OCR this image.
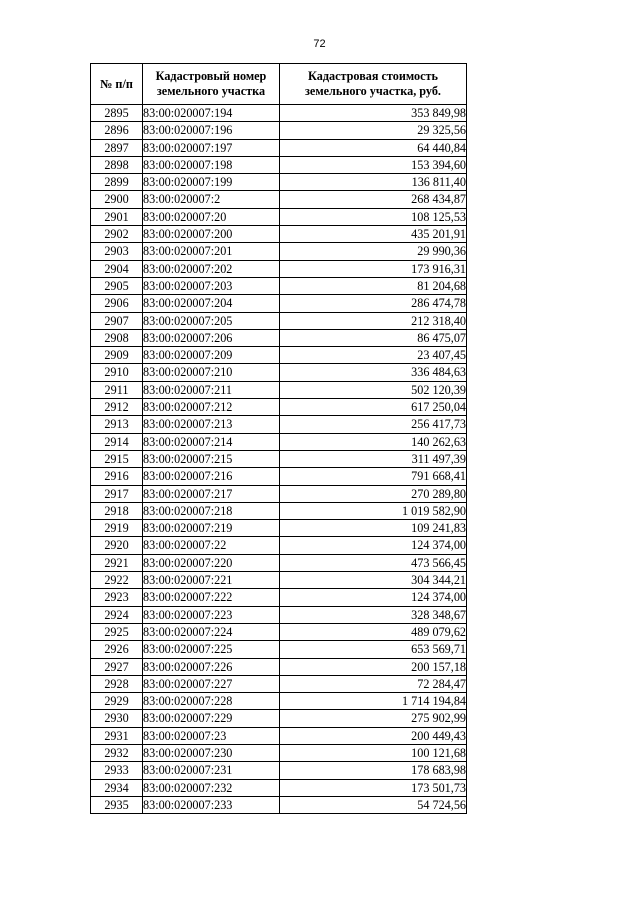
72
№ п/п	Кадастровый номер земельного участка	Кадастровая стоимость земельного участка, руб.
2895	83:00:020007:194	353 849,98
2896	83:00:020007:196	29 325,56
2897	83:00:020007:197	64 440,84
2898	83:00:020007:198	153 394,60
2899	83:00:020007:199	136 811,40
2900	83:00:020007:2	268 434,87
2901	83:00:020007:20	108 125,53
2902	83:00:020007:200	435 201,91
2903	83:00:020007:201	29 990,36
2904	83:00:020007:202	173 916,31
2905	83:00:020007:203	81 204,68
2906	83:00:020007:204	286 474,78
2907	83:00:020007:205	212 318,40
2908	83:00:020007:206	86 475,07
2909	83:00:020007:209	23 407,45
2910	83:00:020007:210	336 484,63
2911	83:00:020007:211	502 120,39
2912	83:00:020007:212	617 250,04
2913	83:00:020007:213	256 417,73
2914	83:00:020007:214	140 262,63
2915	83:00:020007:215	311 497,39
2916	83:00:020007:216	791 668,41
2917	83:00:020007:217	270 289,80
2918	83:00:020007:218	1 019 582,90
2919	83:00:020007:219	109 241,83
2920	83:00:020007:22	124 374,00
2921	83:00:020007:220	473 566,45
2922	83:00:020007:221	304 344,21
2923	83:00:020007:222	124 374,00
2924	83:00:020007:223	328 348,67
2925	83:00:020007:224	489 079,62
2926	83:00:020007:225	653 569,71
2927	83:00:020007:226	200 157,18
2928	83:00:020007:227	72 284,47
2929	83:00:020007:228	1 714 194,84
2930	83:00:020007:229	275 902,99
2931	83:00:020007:23	200 449,43
2932	83:00:020007:230	100 121,68
2933	83:00:020007:231	178 683,98
2934	83:00:020007:232	173 501,73
2935	83:00:020007:233	54 724,56
